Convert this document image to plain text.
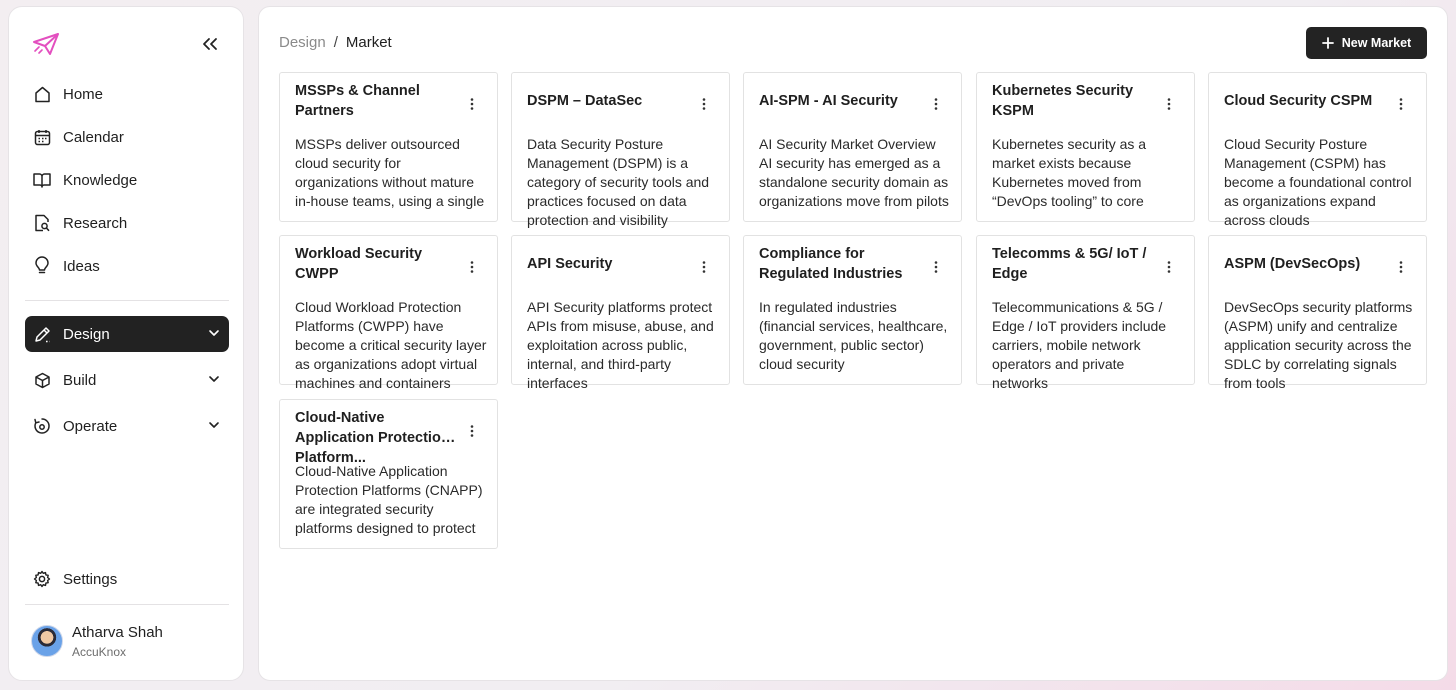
Home
Calendar
Knowledge
Research
Ideas
Design
Build
Operate
Settings
Atharva Shah
AccuKnox
Design / Market	New Market
MSSPs & Channel Partners
MSSPs deliver outsourced cloud security for organizations without mature in-house teams, using a single
DSPM – DataSec
Data Security Posture Management (DSPM) is a category of security tools and practices focused on data protection and visibility
AI-SPM - AI Security
AI Security Market Overview AI security has emerged as a standalone security domain as organizations move from pilots
Kubernetes Security KSPM
Kubernetes security as a market exists because Kubernetes moved from “DevOps tooling” to core
Cloud Security CSPM
Cloud Security Posture Management (CSPM) has become a foundational control as organizations expand across clouds
Workload Security CWPP
Cloud Workload Protection Platforms (CWPP) have become a critical security layer as organizations adopt virtual machines and containers
API Security
API Security platforms protect APIs from misuse, abuse, and exploitation across public, internal, and third-party interfaces
Compliance for Regulated Industries
In regulated industries (financial services, healthcare, government, public sector) cloud security
Telecomms & 5G/ IoT / Edge
Telecommunications & 5G / Edge / IoT providers include carriers, mobile network operators and private networks
ASPM (DevSecOps)
DevSecOps security platforms (ASPM) unify and centralize application security across the SDLC by correlating signals from tools
Cloud-Native Application Protection Platform...
Cloud-Native Application Protection Platforms (CNAPP) are integrated security platforms designed to protect
